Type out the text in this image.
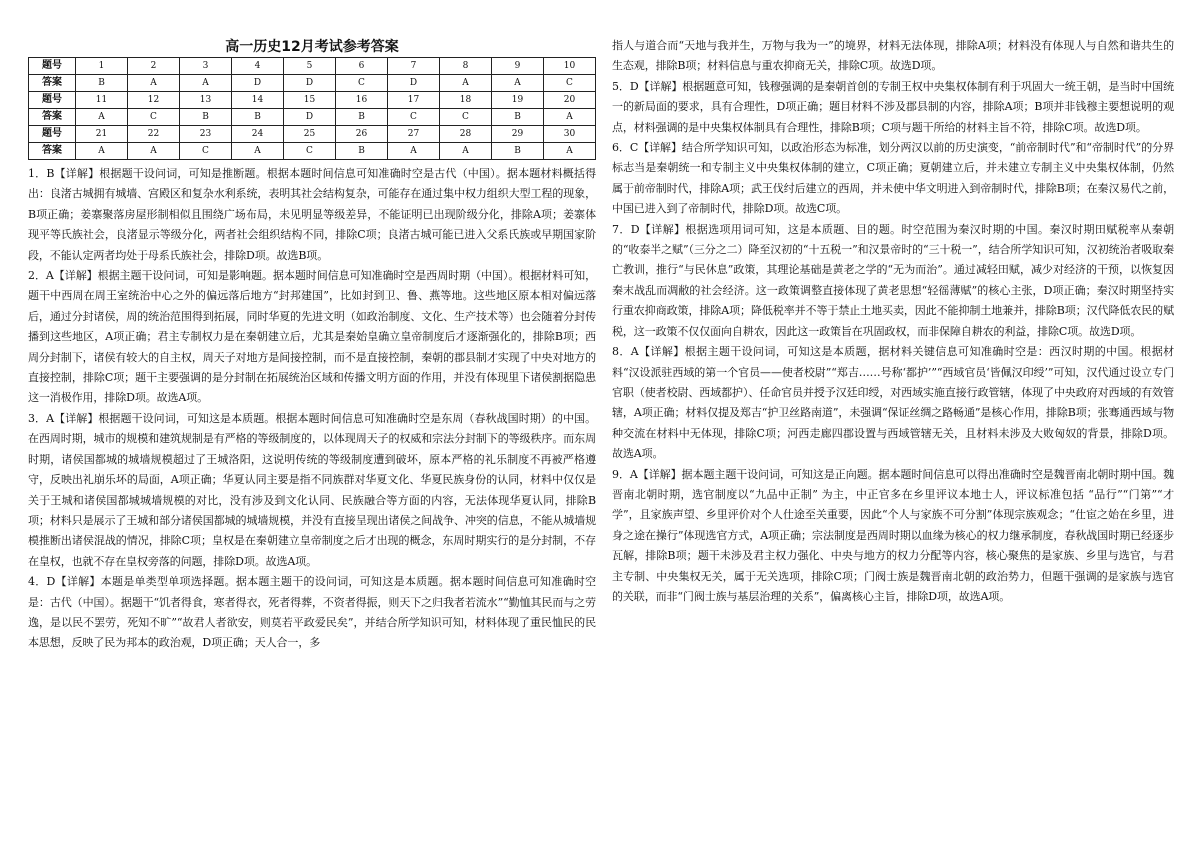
高一历史12月考试参考答案
题号	1	2	3	4	5	6	7	8	9	10
答案	B	A	A	D	D	C	D	A	A	C
题号	11	12	13	14	15	16	17	18	19	20
答案	A	C	B	B	D	B	C	C	B	A
题号	21	22	23	24	25	26	27	28	29	30
答案	A	A	C	A	C	B	A	A	B	A

1．B【详解】根据题干设问词，可知是推断题。根据本题时间信息可知准确时空是古代（中国）。据本题材料概括得出：良渚古城拥有城墙、宫殿区和复杂水利系统，表明其社会结构复杂，可能存在通过集中权力组织大型工程的现象，B项正确；姜寨聚落房屋形制相似且围绕广场布局，未见明显等级差异，不能证明已出现阶级分化，排除A项；姜寨体现平等氏族社会，良渚显示等级分化，两者社会组织结构不同，排除C项；良渚古城可能已进入父系氏族或早期国家阶段，不能认定两者均处于母系氏族社会，排除D项。故选B项。

2．A【详解】根据主题干设问词，可知是影响题。据本题时间信息可知准确时空是西周时期（中国）。根据材料可知，题干中西周在周王室统治中心之外的偏远落后地方“封邦建国”，比如封到卫、鲁、燕等地。这些地区原本相对偏远落后，通过分封诸侯，周的统治范围得到拓展，同时华夏的先进文明（如政治制度、文化、生产技术等）也会随着分封传播到这些地区，A项正确；君主专制权力是在秦朝建立后，尤其是秦始皇确立皇帝制度后才逐渐强化的，排除B项；西周分封制下，诸侯有较大的自主权，周天子对地方是间接控制，而不是直接控制，秦朝的郡县制才实现了中央对地方的直接控制，排除C项；题干主要强调的是分封制在拓展统治区域和传播文明方面的作用，并没有体现里下诸侯割据隐患这一消极作用，排除D项。故选A项。

3．A【详解】根据题干设问词，可知这是本质题。根据本题时间信息可知准确时空是东周（春秋战国时期）的中国。在西周时期，城市的规模和建筑规制是有严格的等级制度的，以体现周天子的权威和宗法分封制下的等级秩序。而东周时期，诸侯国都城的城墙规模超过了王城洛阳，这说明传统的等级制度遭到破坏，原本严格的礼乐制度不再被严格遵守，反映出礼崩乐坏的局面，A项正确；华夏认同主要是指不同族群对华夏文化、华夏民族身份的认同，材料中仅仅是关于王城和诸侯国都城城墙规模的对比，没有涉及到文化认同、民族融合等方面的内容，无法体现华夏认同，排除B项；材料只是展示了王城和部分诸侯国都城的城墙规模，并没有直接呈现出诸侯之间战争、冲突的信息，不能从城墙规模推断出诸侯混战的情况，排除C项；皇权是在秦朝建立皇帝制度之后才出现的概念，东周时期实行的是分封制，不存在皇权，也就不存在皇权旁落的问题，排除D项。故选A项。

4．D【详解】本题是单类型单项选择题。据本题主题干的设问词，可知这是本质题。据本题时间信息可知准确时空是：古代（中国）。据题干“饥者得食，寒者得衣，死者得葬，不资者得振，则天下之归我者若流水”“勤恤其民而与之劳逸，是以民不罢劳，死知不旷”“故君人者欲安，则莫若平政爱民矣”，并结合所学知识可知，材料体现了重民恤民的民本思想，反映了民为邦本的政治观，D项正确；天人合一，多

指人与道合而“天地与我并生，万物与我为一”的境界，材料无法体现，排除A项；材料没有体现人与自然和谐共生的生态观，排除B项；材料信息与重农抑商无关，排除C项。故选D项。

5．D【详解】根据题意可知，钱穆强调的是秦朝首创的专制王权中央集权体制有利于巩固大一统王朝，是当时中国统一的新局面的要求，具有合理性，D项正确；题目材料不涉及郡县制的内容，排除A项；B项并非钱穆主要想说明的观点，材料强调的是中央集权体制具有合理性，排除B项；C项与题干所给的材料主旨不符，排除C项。故选D项。

6．C【详解】结合所学知识可知，以政治形态为标准，划分两汉以前的历史演变，“前帝制时代”和“帝制时代”的分界标志当是秦朝统一和专制主义中央集权体制的建立，C项正确；夏朝建立后，并未建立专制主义中央集权体制，仍然属于前帝制时代，排除A项；武王伐纣后建立的西周，并未使中华文明进入到帝制时代，排除B项；在秦汉易代之前，中国已进入到了帝制时代，排除D项。故选C项。

7．D【详解】根据选项用词可知，这是本质题、目的题。时空范围为秦汉时期的中国。秦汉时期田赋税率从秦朝的“收泰半之赋”（三分之二）降至汉初的“十五税一”和汉景帝时的“三十税一”，结合所学知识可知，汉初统治者吸取秦亡教训，推行“与民休息”政策，其理论基础是黄老之学的“无为而治”。通过减轻田赋，减少对经济的干预，以恢复因秦末战乱而凋敝的社会经济。这一政策调整直接体现了黄老思想“轻徭薄赋”的核心主张，D项正确；秦汉时期坚持实行重农抑商政策，排除A项；降低税率并不等于禁止土地买卖，因此不能抑制土地兼并，排除B项；汉代降低农民的赋税，这一政策不仅仅面向自耕农，因此这一政策旨在巩固政权，而非保障自耕农的利益，排除C项。故选D项。

8．A【详解】根据主题干设问词，可知这是本质题，据材料关键信息可知准确时空是：西汉时期的中国。根据材料“汉设派驻西域的第一个官员——使者校尉”“郑吉……号称‘都护’”“西域官员‘皆佩汉印绶’”可知，汉代通过设立专门官职（使者校尉、西域都护）、任命官员并授予汉廷印绶，对西域实施直接行政管辖，体现了中央政府对西域的有效管辖，A项正确；材料仅提及郑吉“护卫丝路南道”，未强调“保证丝绸之路畅通”是核心作用，排除B项；张骞通西域与物种交流在材料中无体现，排除C项；河西走廊四郡设置与西域管辖无关，且材料未涉及大败匈奴的背景，排除D项。故选A项。

9．A【详解】据本题主题干设问词，可知这是正向题。据本题时间信息可以得出准确时空是魏晋南北朝时期中国。魏晋南北朝时期，选官制度以“九品中正制” 为主，中正官多在乡里评议本地士人，评议标准包括 “品行”“门第”“才学”，且家族声望、乡里评价对个人仕途至关重要，因此“个人与家族不可分割”体现宗族观念；“仕宦之始在乡里，进身之途在操行”体现选官方式，A项正确；宗法制度是西周时期以血缘为核心的权力继承制度，春秋战国时期已经逐步瓦解，排除B项；题干未涉及君主权力强化、中央与地方的权力分配等内容，核心聚焦的是家族、乡里与选官，与君主专制、中央集权无关，属于无关选项，排除C项；门阀士族是魏晋南北朝的政治势力，但题干强调的是家族与选官的关联，而非“门阀士族与基层治理的关系”，偏离核心主旨，排除D项，故选A项。
